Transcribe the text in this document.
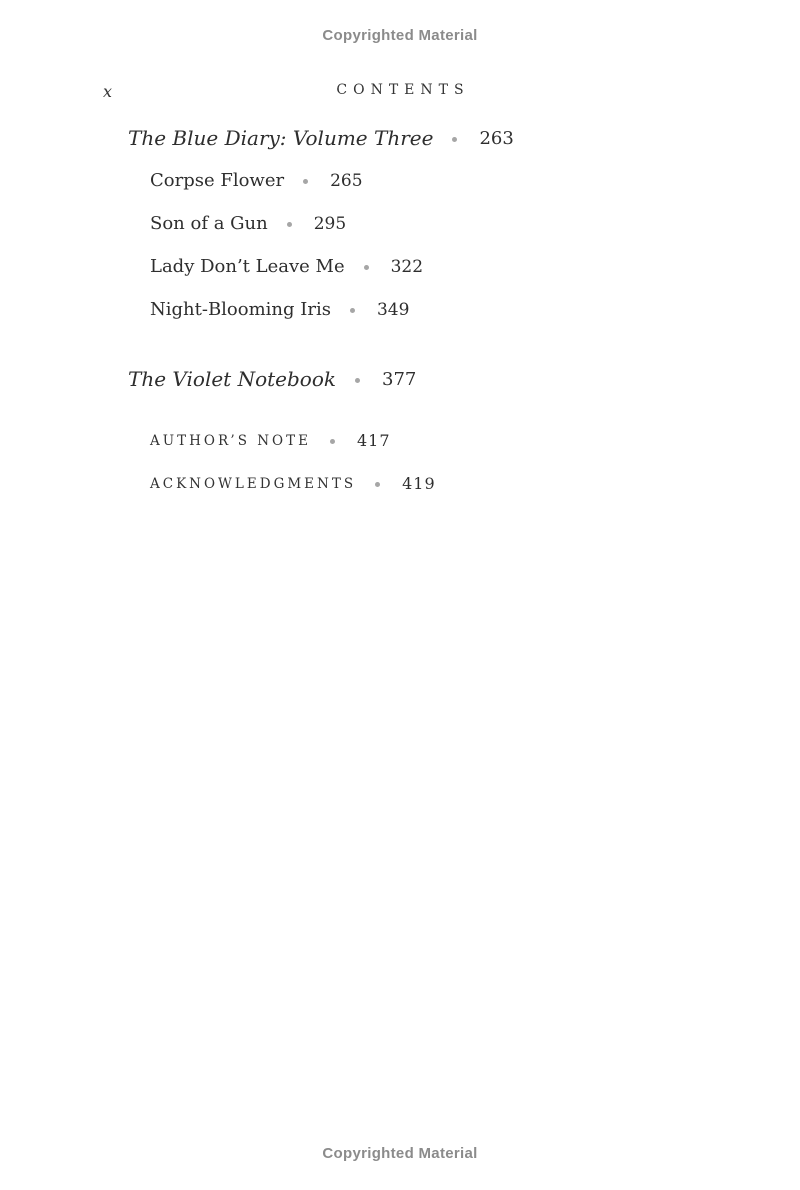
Copyrighted Material
x	CONTENTS
The Blue Diary: Volume Three	263
Corpse Flower	265
Son of a Gun	295
Lady Don’t Leave Me	322
Night-Blooming Iris	349
The Violet Notebook	377
AUTHOR’S NOTE	417
ACKNOWLEDGMENTS	419
Copyrighted Material
